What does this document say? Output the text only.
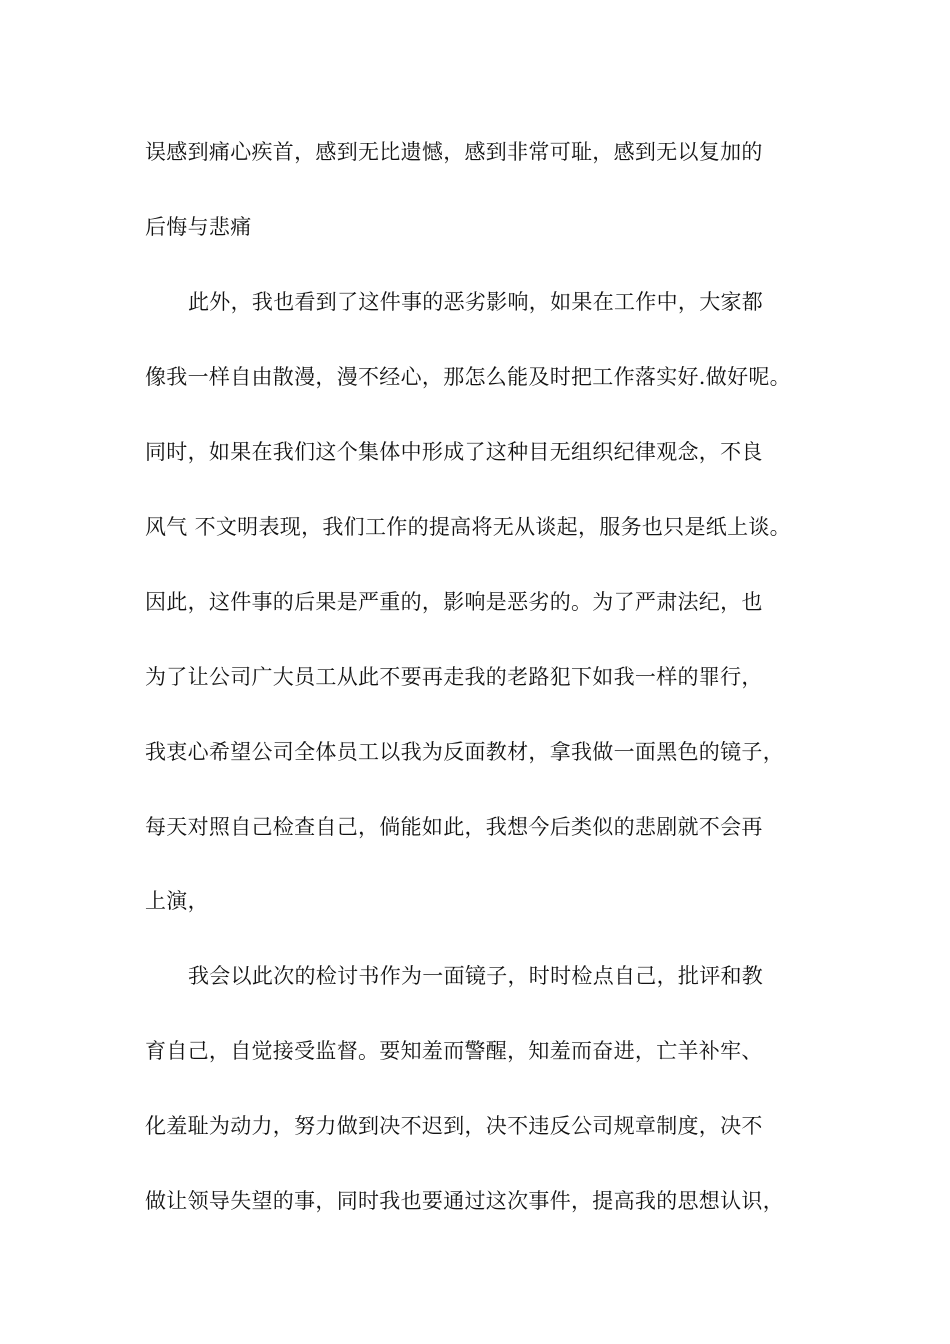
误感到痛心疾首，感到无比遗憾，感到非常可耻，感到无以复加的
后悔与悲痛
此外，我也看到了这件事的恶劣影响，如果在工作中，大家都
像我一样自由散漫，漫不经心，那怎么能及时把工作落实好.做好呢。
同时，如果在我们这个集体中形成了这种目无组织纪律观念，不良
风气 不文明表现，我们工作的提高将无从谈起，服务也只是纸上谈。
因此，这件事的后果是严重的，影响是恶劣的。为了严肃法纪，也
为了让公司广大员工从此不要再走我的老路犯下如我一样的罪行，
我衷心希望公司全体员工以我为反面教材，拿我做一面黑色的镜子，
每天对照自己检查自己，倘能如此，我想今后类似的悲剧就不会再
上演，
我会以此次的检讨书作为一面镜子，时时检点自己，批评和教
育自己，自觉接受监督。要知羞而警醒，知羞而奋进，亡羊补牢、
化羞耻为动力，努力做到决不迟到，决不违反公司规章制度，决不
做让领导失望的事，同时我也要通过这次事件，提高我的思想认识，
